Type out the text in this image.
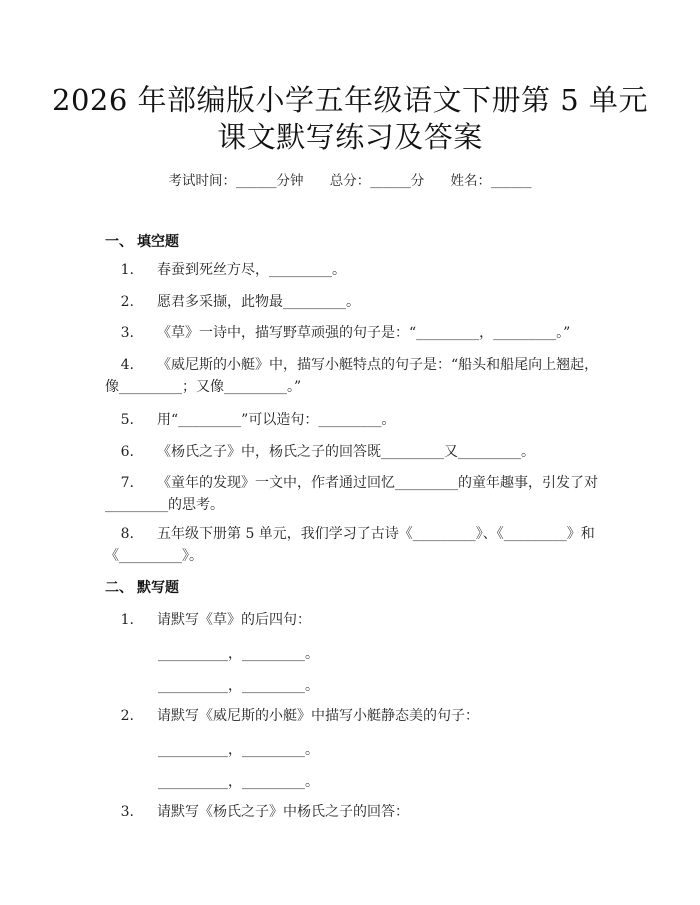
2026 年部编版小学五年级语文下册第 5 单元
课文默写练习及答案
考试时间：______分钟 总分：______分 姓名：______
一、 填空题
1. 春蚕到死丝方尽，_________。
2. 愿君多采撷，此物最_________。
3. 《草》一诗中，描写野草顽强的句子是：“_________，_________。”
4. 《威尼斯的小艇》中，描写小艇特点的句子是：“船头和船尾向上翘起，
像_________；又像_________。”
5. 用“_________”可以造句：_________。
6. 《杨氏之子》中，杨氏之子的回答既_________又_________。
7. 《童年的发现》一文中，作者通过回忆_________的童年趣事，引发了对
_________的思考。
8. 五年级下册第 5 单元，我们学习了古诗《_________》、《_________》和
《_________》。
二、 默写题
1. 请默写《草》的后四句：
__________，_________。
__________，_________。
2. 请默写《威尼斯的小艇》中描写小艇静态美的句子：
__________，_________。
__________，_________。
3. 请默写《杨氏之子》中杨氏之子的回答：
